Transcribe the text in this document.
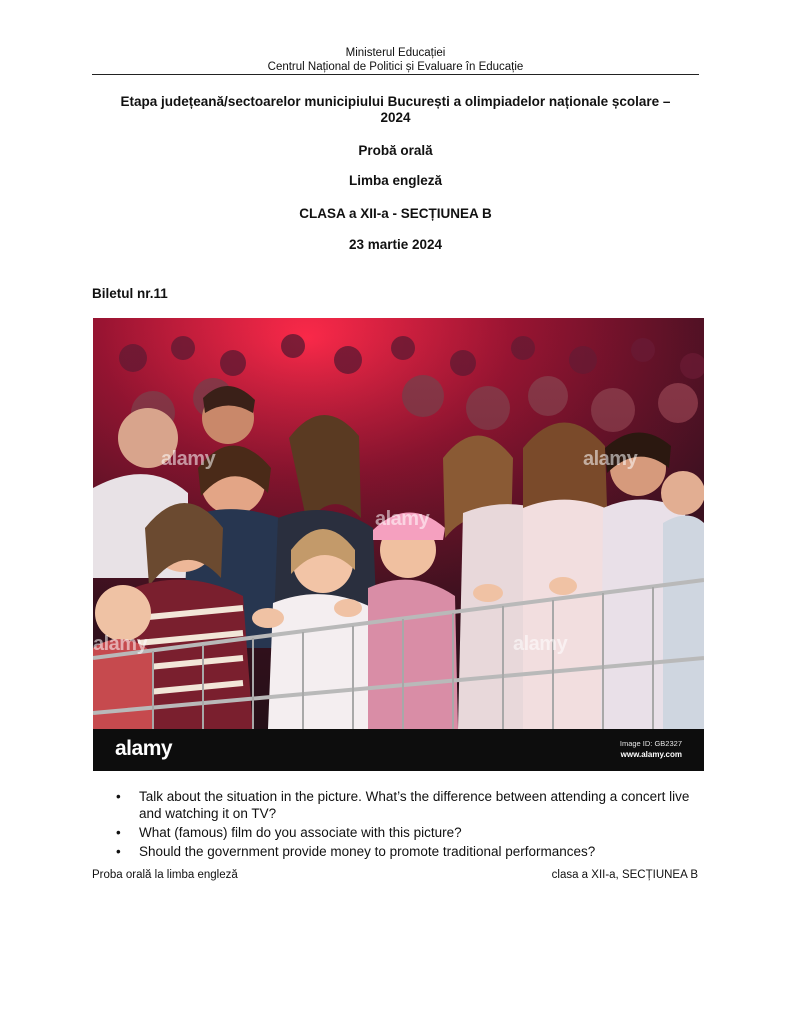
Ministerul Educației
Centrul Național de Politici și Evaluare în Educație

Etapa județeană/sectoarelor municipiului București a olimpiadelor naționale școlare –

2024

Probă orală
Limba engleză
CLASA a XII-a - SECȚIUNEA B
23 martie 2024
Biletul nr.11
alamy
alamy
alamy
alamy	alamy
alamy	Image ID: GB2327
www.alamy.com
• Talk about the situation in the picture. What’s the difference between attending a concert live and watching it on TV?
• What (famous) film do you associate with this picture?
• Should the government provide money to promote traditional performances?
Proba orală la limba engleză	clasa a XII-a, SECȚIUNEA B
